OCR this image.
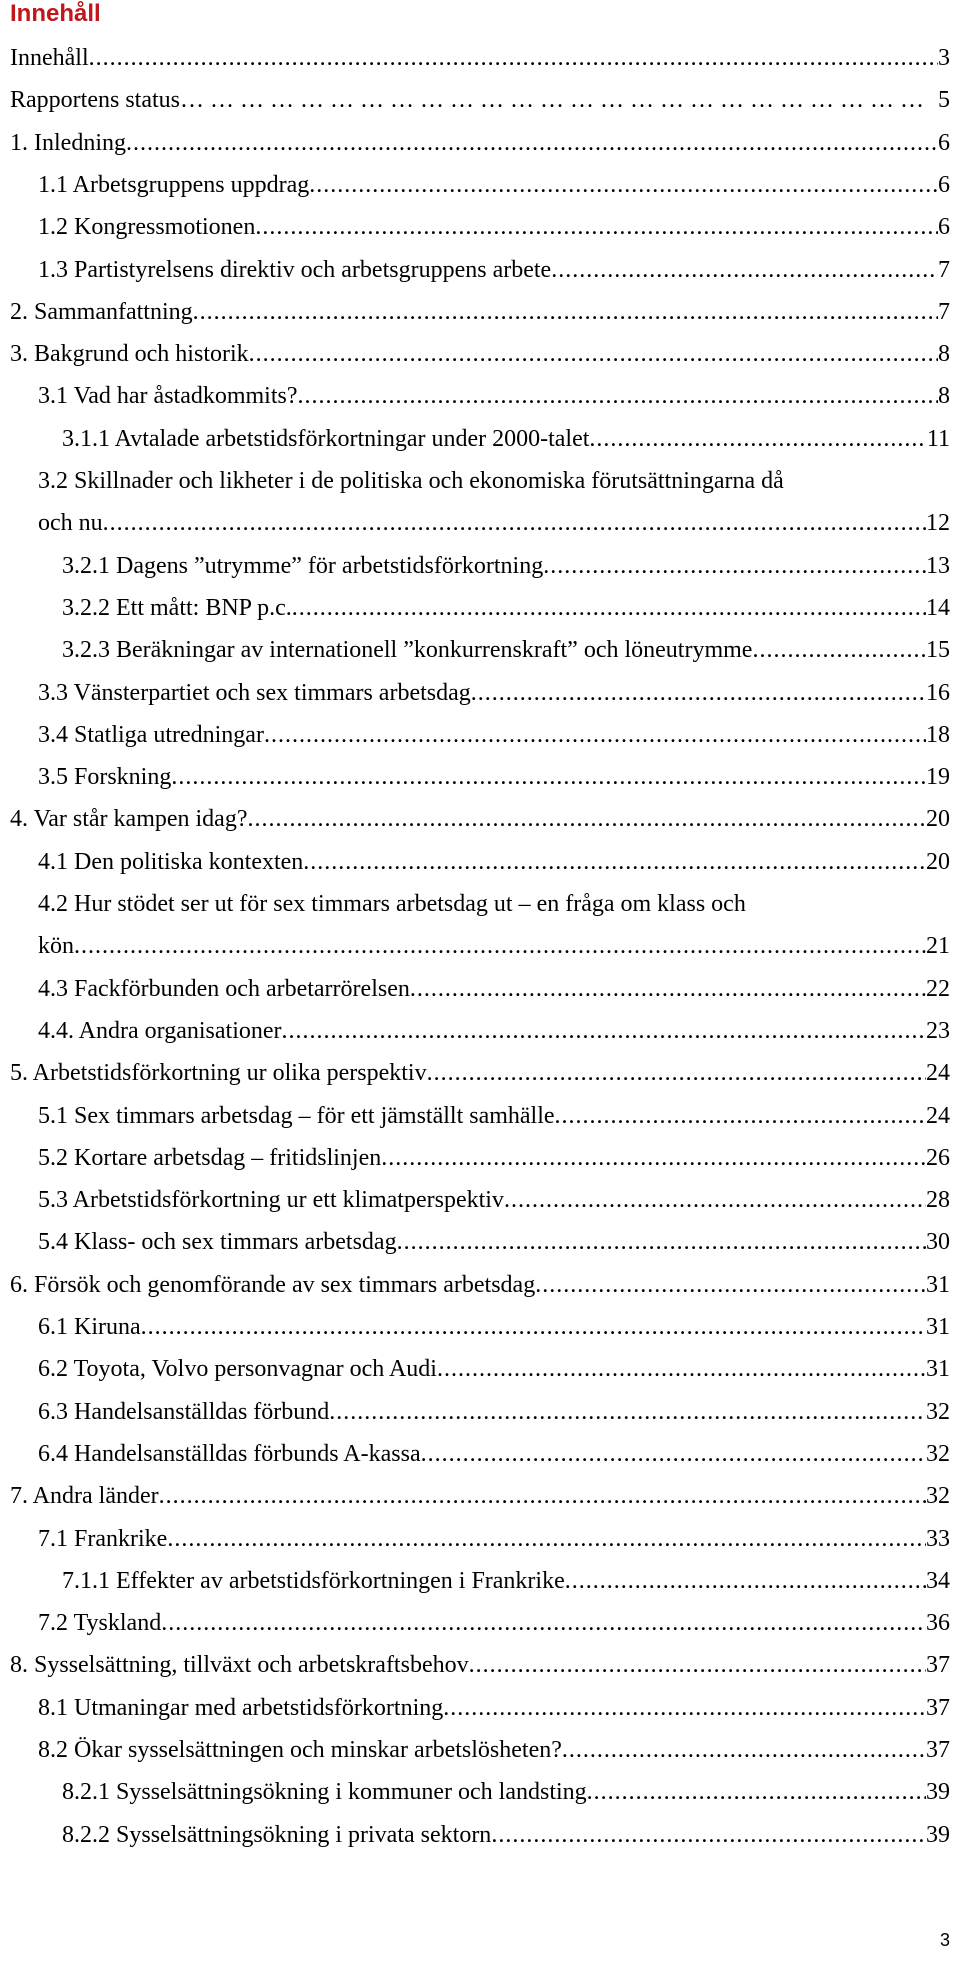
Innehåll
Innehåll .....	3
Rapportens status … … … … … … … … … … … … … … … … … … … … … … … … … … … … … … … …	5
1. Inledning .....	6
1.1 Arbetsgruppens uppdrag .....	6
1.2 Kongressmotionen .....	6
1.3 Partistyrelsens direktiv och arbetsgruppens arbete .....	7
2. Sammanfattning .....	7
3. Bakgrund och historik .....	8
3.1 Vad har åstadkommits? .....	8
3.1.1 Avtalade arbetstidsförkortningar under 2000-talet .....	11
3.2 Skillnader och likheter i de politiska och ekonomiska förutsättningarna då
och nu .....	12
3.2.1 Dagens ”utrymme” för arbetstidsförkortning .....	13
3.2.2 Ett mått: BNP p.c. .....	14
3.2.3 Beräkningar av internationell ”konkurrenskraft” och löneutrymme .....	15
3.3 Vänsterpartiet och sex timmars arbetsdag .....	16
3.4 Statliga utredningar .....	18
3.5 Forskning .....	19
4. Var står kampen idag? .....	20
4.1 Den politiska kontexten .....	20
4.2 Hur stödet ser ut för sex timmars arbetsdag ut – en fråga om klass och
kön .....	21
4.3 Fackförbunden och arbetarrörelsen .....	22
4.4. Andra organisationer .....	23
5. Arbetstidsförkortning ur olika perspektiv .....	24
5.1 Sex timmars arbetsdag – för ett jämställt samhälle .....	24
5.2 Kortare arbetsdag – fritidslinjen .....	26
5.3 Arbetstidsförkortning ur ett klimatperspektiv .....	28
5.4 Klass- och sex timmars arbetsdag .....	30
6. Försök och genomförande av sex timmars arbetsdag .....	31
6.1 Kiruna .....	31
6.2 Toyota, Volvo personvagnar och Audi .....	31
6.3 Handelsanställdas förbund .....	32
6.4 Handelsanställdas förbunds A-kassa .....	32
7. Andra länder .....	32
7.1 Frankrike .....	33
7.1.1 Effekter av arbetstidsförkortningen i Frankrike .....	34
7.2 Tyskland .....	36
8. Sysselsättning, tillväxt och arbetskraftsbehov .....	37
8.1 Utmaningar med arbetstidsförkortning .....	37
8.2 Ökar sysselsättningen och minskar arbetslösheten? .....	37
8.2.1 Sysselsättningsökning i kommuner och landsting .....	39
8.2.2 Sysselsättningsökning i privata sektorn .....	39
3
